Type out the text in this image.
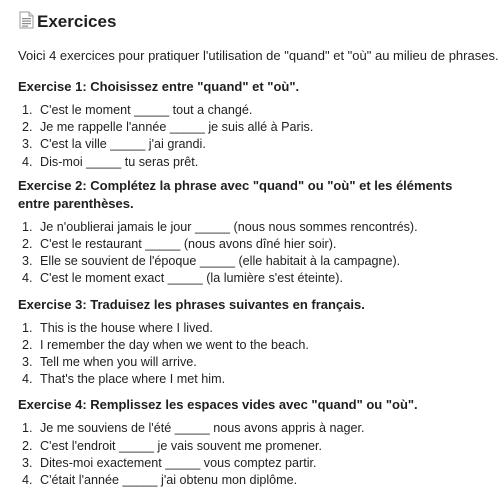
Exercices

Voici 4 exercices pour pratiquer l'utilisation de "quand" et "où" au milieu de phrases.

Exercise 1: Choisissez entre "quand" et "où".

1. C'est le moment _____ tout a changé.
2. Je me rappelle l'année _____ je suis allé à Paris.
3. C'est la ville _____ j'ai grandi.
4. Dis-moi _____ tu seras prêt.

Exercise 2: Complétez la phrase avec "quand" ou "où" et les éléments entre parenthèses.

1. Je n'oublierai jamais le jour _____ (nous nous sommes rencontrés).
2. C'est le restaurant _____ (nous avons dîné hier soir).
3. Elle se souvient de l'époque _____ (elle habitait à la campagne).
4. C'est le moment exact _____ (la lumière s'est éteinte).

Exercise 3: Traduisez les phrases suivantes en français.

1. This is the house where I lived.
2. I remember the day when we went to the beach.
3. Tell me when you will arrive.
4. That's the place where I met him.

Exercise 4: Remplissez les espaces vides avec "quand" ou "où".

1. Je me souviens de l'été _____ nous avons appris à nager.
2. C'est l'endroit _____ je vais souvent me promener.
3. Dites-moi exactement _____ vous comptez partir.
4. C'était l'année _____ j'ai obtenu mon diplôme.
